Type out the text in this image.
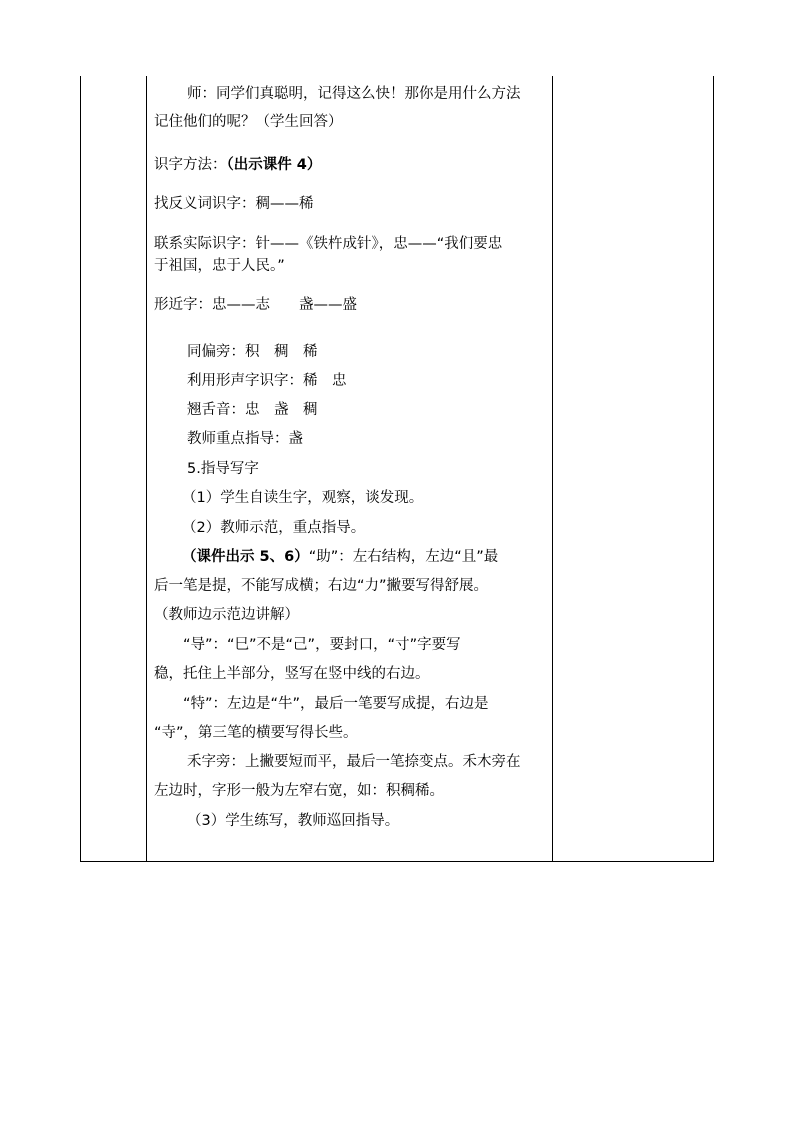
师：同学们真聪明，记得这么快！那你是用什么方法
记住他们的呢？（学生回答）
识字方法：（出示课件 4）
找反义词识字：稠——稀
联系实际识字：针——《铁杵成针》，忠——“我们要忠
于祖国，忠于人民。”
形近字：忠——志　　盏——盛
同偏旁：积　稠　稀
利用形声字识字：稀　忠
翘舌音：忠　盏　稠
教师重点指导：盏
5.指导写字
（1）学生自读生字，观察，谈发现。
（2）教师示范，重点指导。
（课件出示 5、6）“助”：左右结构，左边“且”最
后一笔是提，不能写成横；右边“力”撇要写得舒展。
（教师边示范边讲解）
“导”：“巳”不是“己”，要封口，“寸”字要写
稳，托住上半部分，竖写在竖中线的右边。
“特”：左边是“牛”，最后一笔要写成提，右边是
“寺”，第三笔的横要写得长些。
禾字旁：上撇要短而平，最后一笔捺变点。禾木旁在
左边时，字形一般为左窄右宽，如：积稠稀。
（3）学生练写，教师巡回指导。
